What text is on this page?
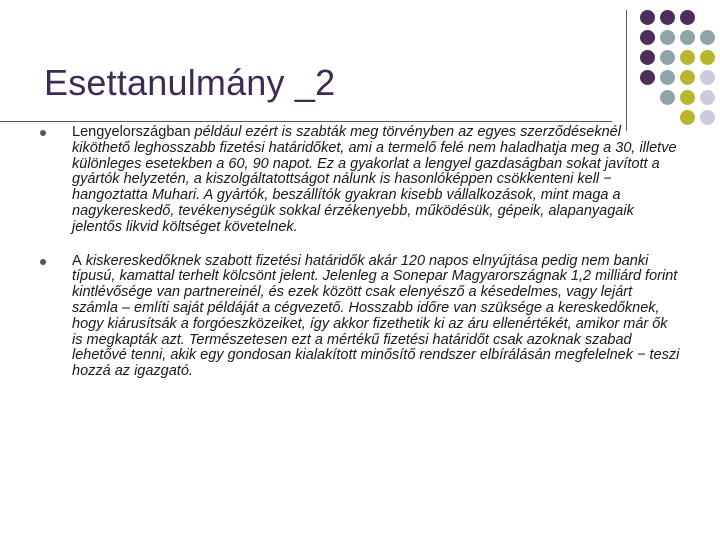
Esettanulmány _2
Lengyelországban például ezért is szabták meg törvényben az egyes szerződéseknél kiköthető leghosszabb fizetési határidőket, ami a termelő felé nem haladhatja meg a 30, illetve különleges esetekben a 60, 90 napot. Ez a gyakorlat a lengyel gazdaságban sokat javított a gyártók helyzetén, a kiszolgáltatottságot nálunk is hasonlóképpen csökkenteni kell − hangoztatta Muhari. A gyártók, beszállítók gyakran kisebb vállalkozások, mint maga a nagykereskedő, tevékenységük sokkal érzékenyebb, működésük, gépeik, alapanyagaik jelentős likvid költséget követelnek.
A kiskereskedőknek szabott fizetési határidők akár 120 napos elnyújtása pedig nem banki típusú, kamattal terhelt kölcsönt jelent. Jelenleg a Sonepar Magyarországnak 1,2 milliárd forint kintlévősége van partnereinél, és ezek között csak elenyésző a késedelmes, vagy lejárt számla – említi saját példáját a cégvezető. Hosszabb időre van szüksége a kereskedőknek, hogy kiárusítsák a forgóeszközeiket, így akkor fizethetik ki az áru ellenértékét, amikor már ők is megkapták azt. Természetesen ezt a mértékű fizetési határidőt csak azoknak szabad lehetővé tenni, akik egy gondosan kialakított minősítő rendszer elbírálásán megfelelnek − teszi hozzá az igazgató.
